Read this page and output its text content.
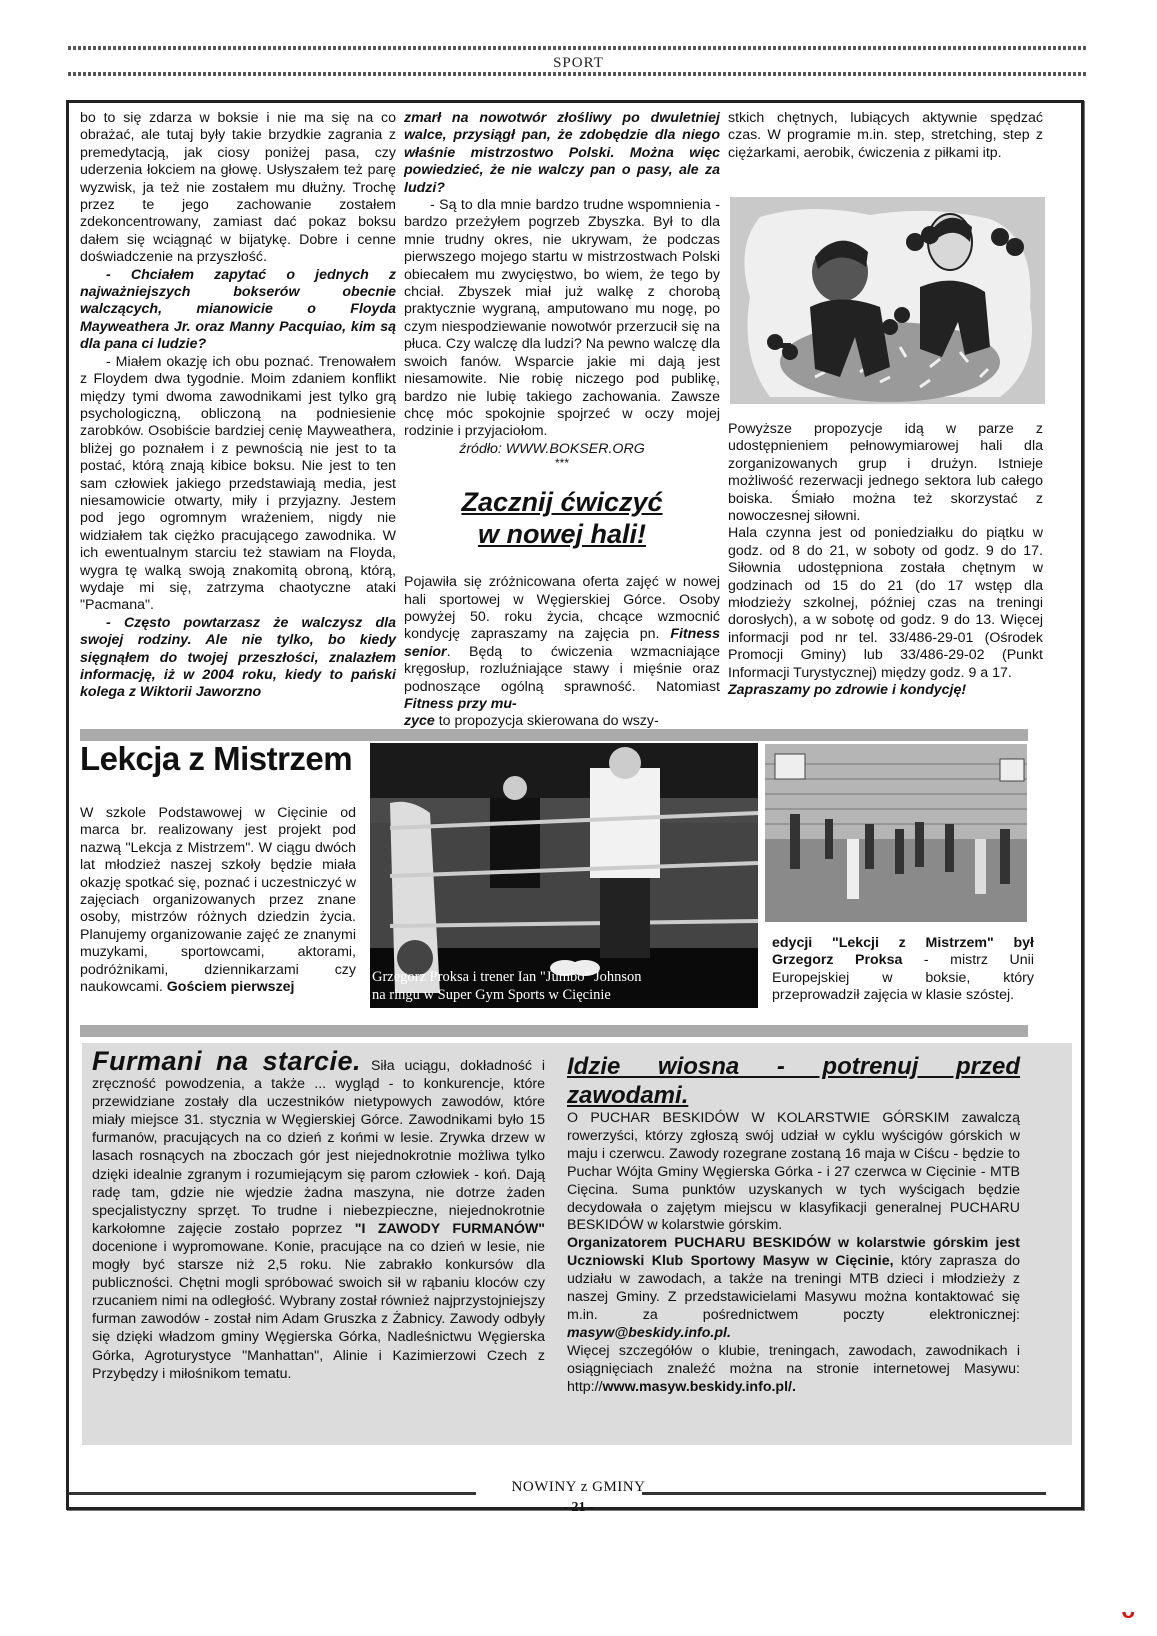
SPORT

bo to się zdarza w boksie i nie ma się na co obrażać, ale tutaj były takie brzydkie zagrania z premedytacją, jak ciosy poniżej pasa, czy uderzenia łokciem na głowę. Usłyszałem też parę wyzwisk, ja też nie zostałem mu dłużny. Trochę przez te jego zachowanie zostałem zdekoncentrowany, zamiast dać pokaz boksu dałem się wciągnąć w bijatykę. Dobre i cenne doświadczenie na przyszłość.

- Chciałem zapytać o jednych z najważniejszych bokserów obecnie walczących, mianowicie o Floyda Mayweathera Jr. oraz Manny Pacquiao, kim są dla pana ci ludzie?

- Miałem okazję ich obu poznać. Trenowałem z Floydem dwa tygodnie. Moim zdaniem konflikt między tymi dwoma zawodnikami jest tylko grą psychologiczną, obliczoną na podniesienie zarobków. Osobiście bardziej cenię Mayweathera, bliżej go poznałem i z pewnością nie jest to ta postać, którą znają kibice boksu. Nie jest to ten sam człowiek jakiego przedstawiają media, jest niesamowicie otwarty, miły i przyjazny. Jestem pod jego ogromnym wrażeniem, nigdy nie widziałem tak ciężko pracującego zawodnika. W ich ewentualnym starciu też stawiam na Floyda, wygra tę walką swoją znakomitą obroną, którą, wydaje mi się, zatrzyma chaotyczne ataki "Pacmana".

- Często powtarzasz że walczysz dla swojej rodziny. Ale nie tylko, bo kiedy sięgnąłem do twojej przeszłości, znalazłem informację, iż w 2004 roku, kiedy to pański kolega z Wiktorii Jaworzno

zmarł na nowotwór złośliwy po dwuletniej walce, przysiągł pan, że zdobędzie dla niego właśnie mistrzostwo Polski. Można więc powiedzieć, że nie walczy pan o pasy, ale za ludzi?

- Są to dla mnie bardzo trudne wspomnienia - bardzo przeżyłem pogrzeb Zbyszka. Był to dla mnie trudny okres, nie ukrywam, że podczas pierwszego mojego startu w mistrzostwach Polski obiecałem mu zwycięstwo, bo wiem, że tego by chciał. Zbyszek miał już walkę z chorobą praktycznie wygraną, amputowano mu nogę, po czym niespodziewanie nowotwór przerzucił się na płuca. Czy walczę dla ludzi? Na pewno walczę dla swoich fanów. Wsparcie jakie mi dają jest niesamowite. Nie robię niczego pod publikę, bardzo nie lubię takiego zachowania. Zawsze chcę móc spokojnie spojrzeć w oczy mojej rodzinie i przyjaciołom.

źródło: WWW.BOKSER.ORG

***

Zacznij ćwiczyć
w nowej hali!

Pojawiła się zróżnicowana oferta zajęć w nowej hali sportowej w Węgierskiej Górce. Osoby powyżej 50. roku życia, chcące wzmocnić kondycję zapraszamy na zajęcia pn. Fitness senior. Będą to ćwiczenia wzmacniające kręgosłup, rozluźniające stawy i mięśnie oraz podnoszące ogólną sprawność. Natomiast Fitness przy mu-
zyce to propozycja skierowana do wszy-

stkich chętnych, lubiących aktywnie spędzać czas. W programie m.in. step, stretching, step z ciężarkami, aerobik, ćwiczenia z piłkami itp.

Powyższe propozycje idą w parze z udostępnieniem pełnowymiarowej hali dla zorganizowanych grup i drużyn. Istnieje możliwość rezerwacji jednego sektora lub całego boiska. Śmiało można też skorzystać z nowoczesnej siłowni.

Hala czynna jest od poniedziałku do piątku w godz. od 8 do 21, w soboty od godz. 9 do 17. Siłownia udostępniona została chętnym w godzinach od 15 do 21 (do 17 wstęp dla młodzieży szkolnej, później czas na treningi dorosłych), a w sobotę od godz. 9 do 13. Więcej informacji pod nr tel. 33/486-29-01 (Ośrodek Promocji Gminy) lub 33/486-29-02 (Punkt Informacji Turystycznej) między godz. 9 a 17.

Zapraszamy po zdrowie i kondycję!

Lekcja z Mistrzem

W szkole Podstawowej w Cięcinie od marca br. realizowany jest projekt pod nazwą "Lekcja z Mistrzem". W ciągu dwóch lat młodzież naszej szkoły będzie miała okazję spotkać się, poznać i uczestniczyć w zajęciach organizowanych przez znane osoby, mistrzów różnych dziedzin życia. Planujemy organizowanie zajęć ze znanymi muzykami, sportowcami, aktorami, podróżnikami, dziennikarzami czy naukowcami. Gościem pierwszej

Grzegorz Proksa i trener Ian "Jumbo" Johnson
na ringu w Super Gym Sports w Cięcinie

edycji "Lekcji z Mistrzem" był Grzegorz Proksa - mistrz Unii Europejskiej w boksie, który przeprowadził zajęcia w klasie szóstej.

Furmani na starcie. Siła uciągu, dokładność i zręczność powodzenia, a także ... wygląd - to konkurencje, które przewidziane zostały dla uczestników nietypowych zawodów, które miały miejsce 31. stycznia w Węgierskiej Górce. Zawodnikami było 15 furmanów, pracujących na co dzień z końmi w lesie. Zrywka drzew w lasach rosnących na zboczach gór jest niejednokrotnie możliwa tylko dzięki idealnie zgranym i rozumiejącym się parom człowiek - koń. Dają radę tam, gdzie nie wjedzie żadna maszyna, nie dotrze żaden specjalistyczny sprzęt. To trudne i niebezpieczne, niejednokrotnie karkołomne zajęcie zostało poprzez "I ZAWODY FURMANÓW" docenione i wypromowane. Konie, pracujące na co dzień w lesie, nie mogły być starsze niż 2,5 roku. Nie zabrakło konkursów dla publiczności. Chętni mogli spróbować swoich sił w rąbaniu kloców czy rzucaniem nimi na odległość. Wybrany został również najprzystojniejszy furman zawodów - został nim Adam Gruszka z Żabnicy. Zawody odbyły się dzięki władzom gminy Węgierska Górka, Nadleśnictwu Węgierska Górka, Agroturystyce "Manhattan", Alinie i Kazimierzowi Czech z Przybędzy i miłośnikom tematu.

Idzie wiosna - potrenuj przed zawodami.

O PUCHAR BESKIDÓW W KOLARSTWIE GÓRSKIM zawalczą rowerzyści, którzy zgłoszą swój udział w cyklu wyścigów górskich w maju i czerwcu. Zawody rozegrane zostaną 16 maja w Ciścu - będzie to Puchar Wójta Gminy Węgierska Górka - i 27 czerwca w Cięcinie - MTB Cięcina. Suma punktów uzyskanych w tych wyścigach będzie decydowała o zajętym miejscu w klasyfikacji generalnej PUCHARU BESKIDÓW w kolarstwie górskim.

Organizatorem PUCHARU BESKIDÓW w kolarstwie górskim jest Uczniowski Klub Sportowy Masyw w Cięcinie, który zaprasza do udziału w zawodach, a także na treningi MTB dzieci i młodzieży z naszej Gminy. Z przedstawicielami Masywu można kontaktować się m.in. za pośrednictwem poczty elektronicznej: masyw@beskidy.info.pl.

Więcej szczegółów o klubie, treningach, zawodach, zawodnikach i osiągnięciach znaleźć można na stronie internetowej Masywu: http://www.masyw.beskidy.info.pl/.

NOWINY z GMINY
- 21 -
ᴗ
